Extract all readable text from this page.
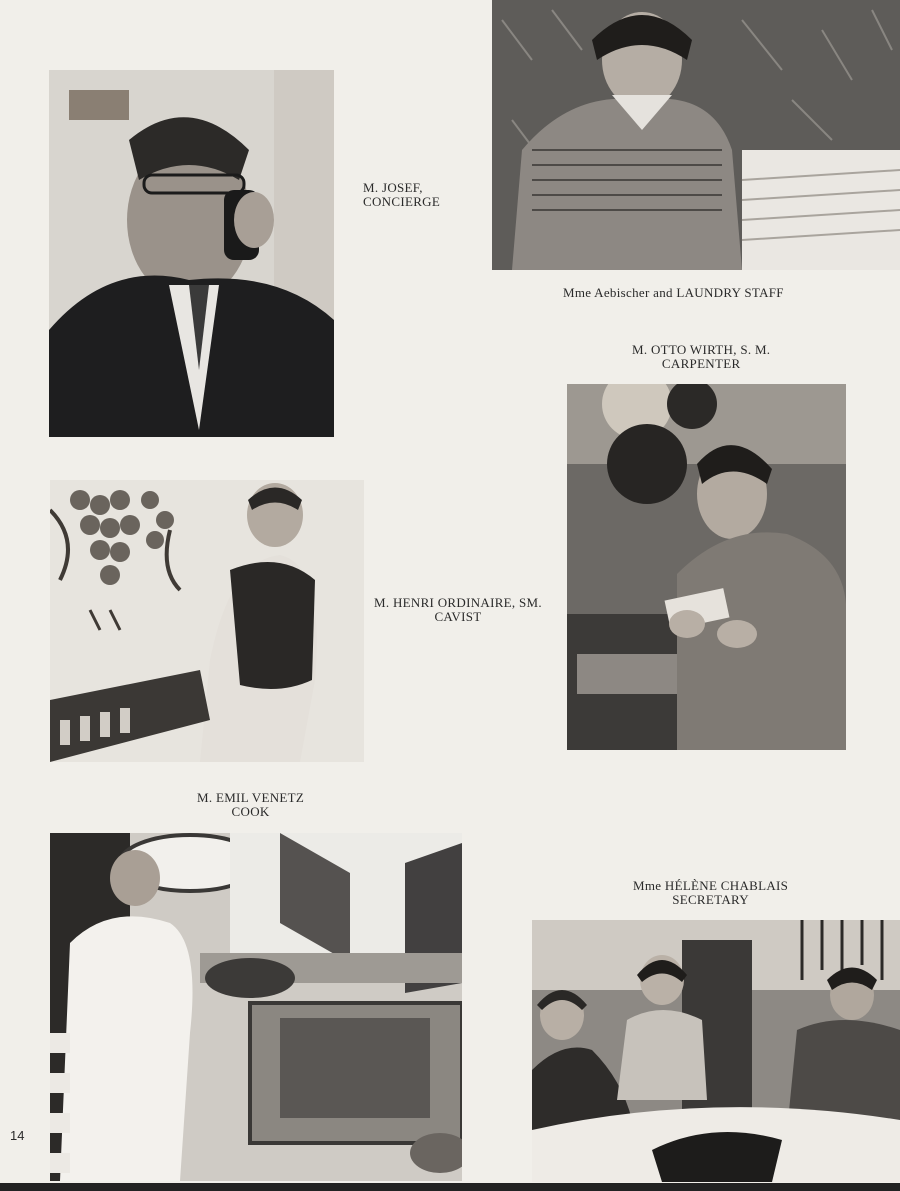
M. JOSEF,
CONCIERGE
Mme Aebischer and LAUNDRY STAFF
M. OTTO WIRTH, S. M.
CARPENTER
M. HENRI ORDINAIRE, SM.
CAVIST
M. EMIL VENETZ
COOK
Mme HÉLÈNE CHABLAIS
SECRETARY
14
